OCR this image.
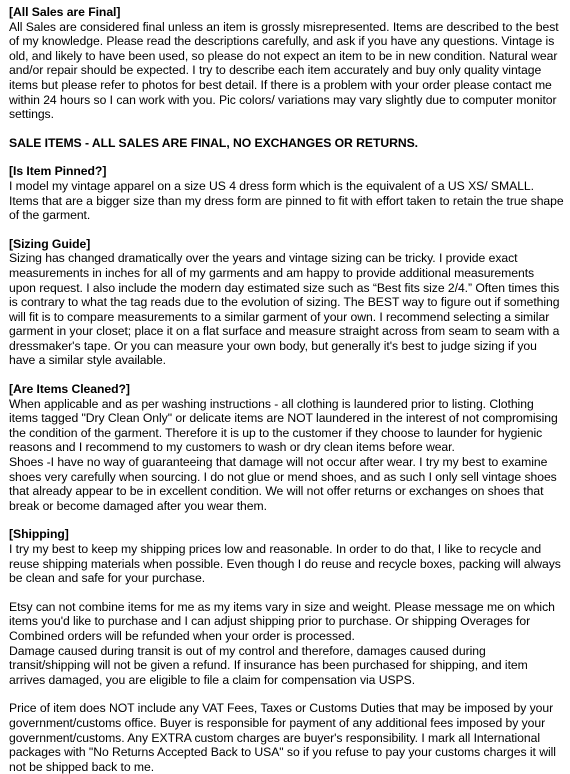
[All Sales are Final]

All Sales are considered final unless an item is grossly misrepresented. Items are described to the best of my knowledge. Please read the descriptions carefully, and ask if you have any questions. Vintage is old, and likely to have been used, so please do not expect an item to be in new condition. Natural wear and/or repair should be expected. I try to describe each item accurately and buy only quality vintage items but please refer to photos for best detail. If there is a problem with your order please contact me within 24 hours so I can work with you. Pic colors/ variations may vary slightly due to computer monitor settings.

SALE ITEMS - ALL SALES ARE FINAL, NO EXCHANGES OR RETURNS.

[Is Item Pinned?]

I model my vintage apparel on a size US 4 dress form which is the equivalent of a US XS/ SMALL. Items that are a bigger size than my dress form are pinned to fit with effort taken to retain the true shape of the garment.

[Sizing Guide]

Sizing has changed dramatically over the years and vintage sizing can be tricky. I provide exact measurements in inches for all of my garments and am happy to provide additional measurements upon request. I also include the modern day estimated size such as “Best fits size 2/4.” Often times this is contrary to what the tag reads due to the evolution of sizing. The BEST way to figure out if something will fit is to compare measurements to a similar garment of your own. I recommend selecting a similar garment in your closet; place it on a flat surface and measure straight across from seam to seam with a dressmaker's tape. Or you can measure your own body, but generally it's best to judge sizing if you have a similar style available.

[Are Items Cleaned?]

When applicable and as per washing instructions - all clothing is laundered prior to listing. Clothing items tagged "Dry Clean Only" or delicate items are NOT laundered in the interest of not compromising the condition of the garment. Therefore it is up to the customer if they choose to launder for hygienic reasons and I recommend to my customers to wash or dry clean items before wear.

Shoes -I have no way of guaranteeing that damage will not occur after wear. I try my best to examine shoes very carefully when sourcing. I do not glue or mend shoes, and as such I only sell vintage shoes that already appear to be in excellent condition. We will not offer returns or exchanges on shoes that break or become damaged after you wear them.

[Shipping]

I try my best to keep my shipping prices low and reasonable. In order to do that, I like to recycle and reuse shipping materials when possible. Even though I do reuse and recycle boxes, packing will always be clean and safe for your purchase.

Etsy can not combine items for me as my items vary in size and weight. Please message me on which items you'd like to purchase and I can adjust shipping prior to purchase. Or shipping Overages for Combined orders will be refunded when your order is processed.

Damage caused during transit is out of my control and therefore, damages caused during transit/shipping will not be given a refund. If insurance has been purchased for shipping, and item arrives damaged, you are eligible to file a claim for compensation via USPS.

Price of item does NOT include any VAT Fees, Taxes or Customs Duties that may be imposed by your government/customs office. Buyer is responsible for payment of any additional fees imposed by your government/customs. Any EXTRA custom charges are buyer's responsibility. I mark all International packages with "No Returns Accepted Back to USA" so if you refuse to pay your customs charges it will not be shipped back to me.
